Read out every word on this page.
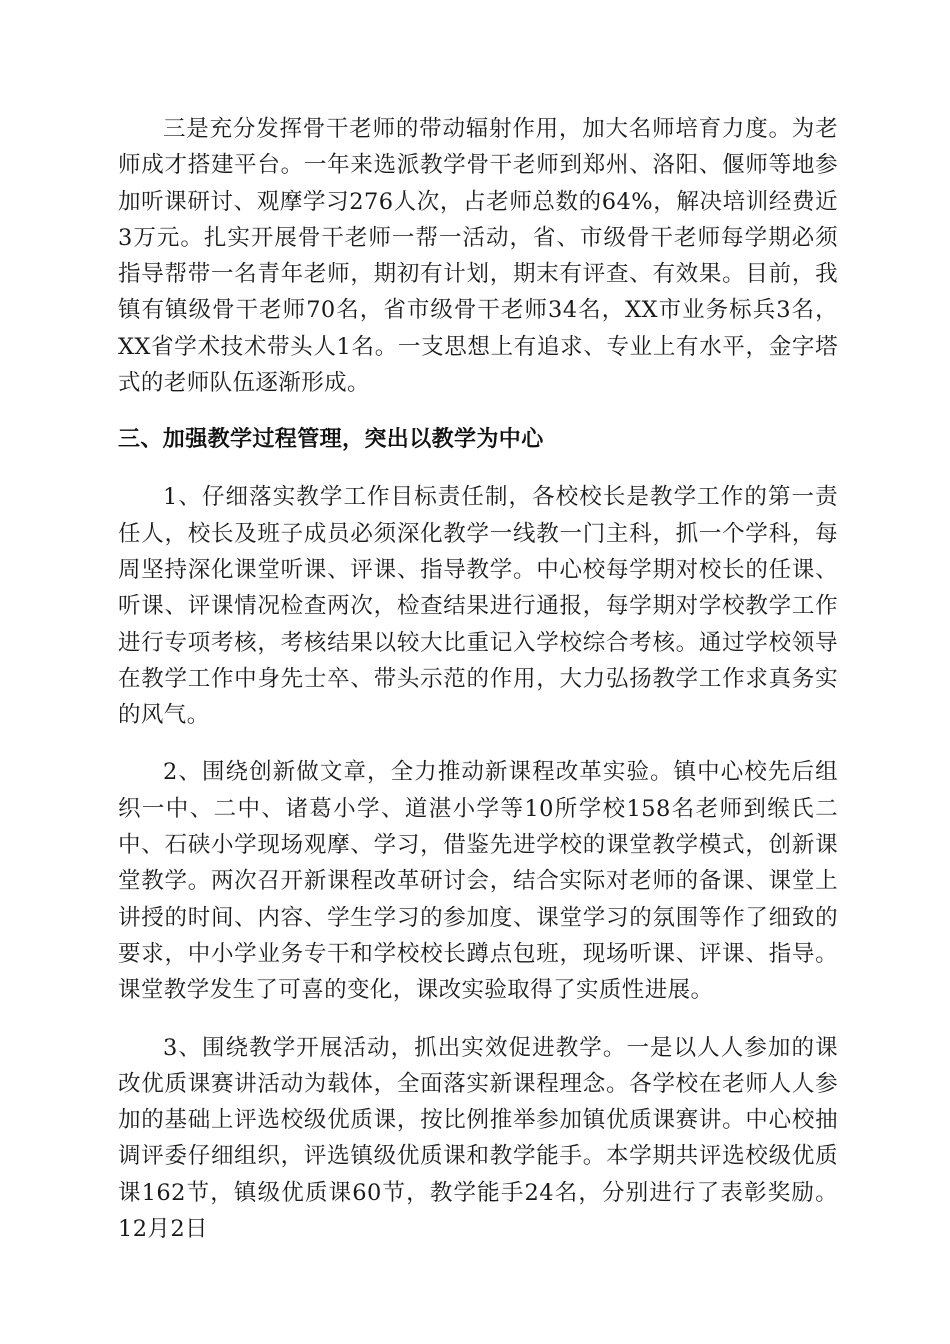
三是充分发挥骨干老师的带动辐射作用，加大名师培育力度。为老师成才搭建平台。一年来选派教学骨干老师到郑州、洛阳、偃师等地参加听课研讨、观摩学习276人次，占老师总数的64%，解决培训经费近3万元。扎实开展骨干老师一帮一活动，省、市级骨干老师每学期必须指导帮带一名青年老师，期初有计划，期末有评查、有效果。目前，我镇有镇级骨干老师70名，省市级骨干老师34名，XX市业务标兵3名，XX省学术技术带头人1名。一支思想上有追求、专业上有水平，金字塔式的老师队伍逐渐形成。

三、加强教学过程管理，突出以教学为中心

1、仔细落实教学工作目标责任制，各校校长是教学工作的第一责任人，校长及班子成员必须深化教学一线教一门主科，抓一个学科，每周坚持深化课堂听课、评课、指导教学。中心校每学期对校长的任课、听课、评课情况检查两次，检查结果进行通报，每学期对学校教学工作进行专项考核，考核结果以较大比重记入学校综合考核。通过学校领导在教学工作中身先士卒、带头示范的作用，大力弘扬教学工作求真务实的风气。

2、围绕创新做文章，全力推动新课程改革实验。镇中心校先后组织一中、二中、诸葛小学、道湛小学等10所学校158名老师到缑氏二中、石硖小学现场观摩、学习，借鉴先进学校的课堂教学模式，创新课堂教学。两次召开新课程改革研讨会，结合实际对老师的备课、课堂上讲授的时间、内容、学生学习的参加度、课堂学习的氛围等作了细致的要求，中小学业务专干和学校校长蹲点包班，现场听课、评课、指导。课堂教学发生了可喜的变化，课改实验取得了实质性进展。

3、围绕教学开展活动，抓出实效促进教学。一是以人人参加的课改优质课赛讲活动为载体，全面落实新课程理念。各学校在老师人人参加的基础上评选校级优质课，按比例推举参加镇优质课赛讲。中心校抽调评委仔细组织，评选镇级优质课和教学能手。本学期共评选校级优质课162节，镇级优质课60节，教学能手24名，分别进行了表彰奖励。12月2日
